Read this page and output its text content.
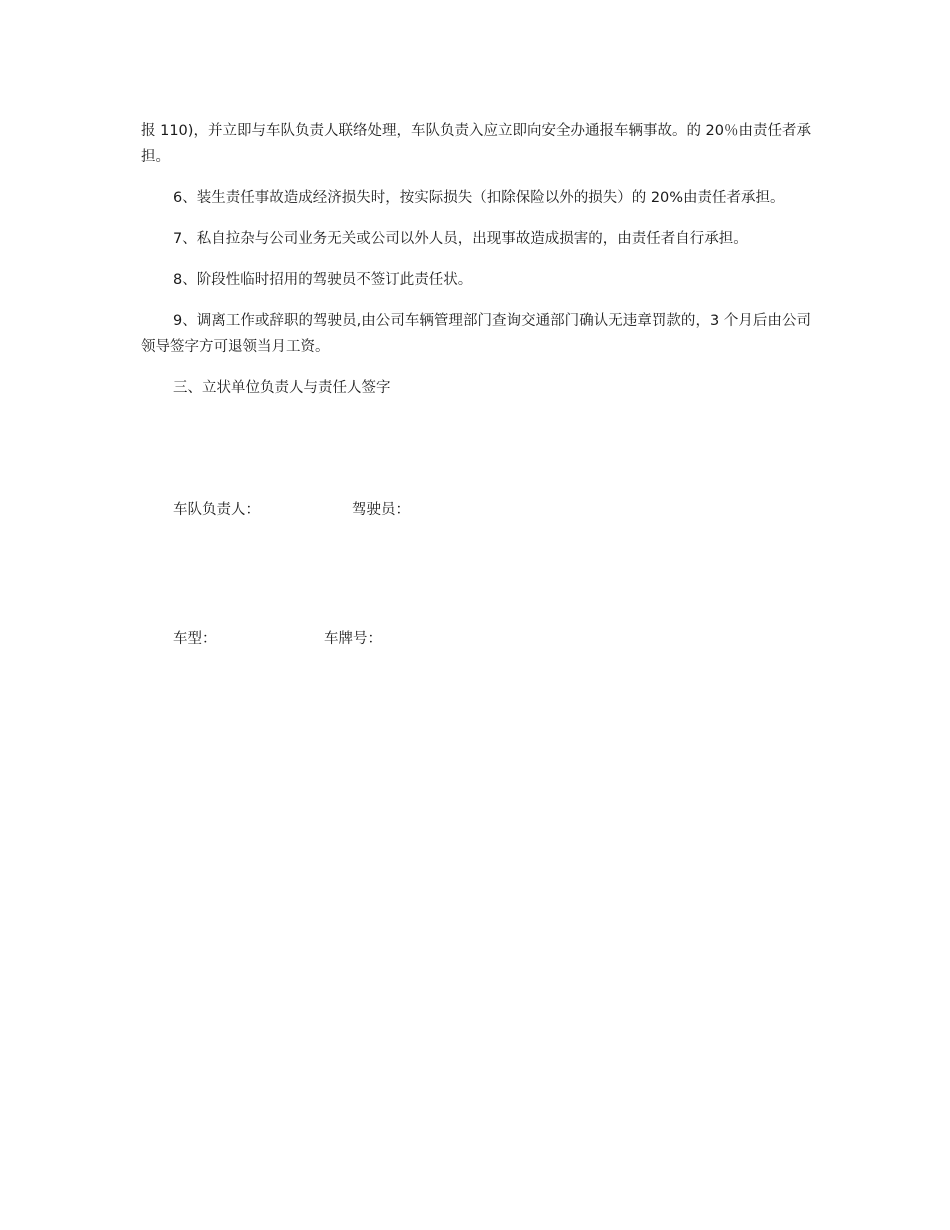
报 110)，并立即与车队负责人联络处理，车队负责入应立即向安全办通报车辆事故。的 20％由责任者承担。

6、装生责任事故造成经济损失时，按实际损失（扣除保险以外的损失）的 20%由责任者承担。

7、私自拉杂与公司业务无关或公司以外人员，出现事故造成损害的，由责任者自行承担。

8、阶段性临时招用的驾驶员不签订此责任状。

9、调离工作或辞职的驾驶员,由公司车辆管理部门查询交通部门确认无违章罚款的，3 个月后由公司领导签字方可退领当月工资。

三、立状单位负责人与责任人签字

车队负责人：	驾驶员：
车型：	车牌号：
